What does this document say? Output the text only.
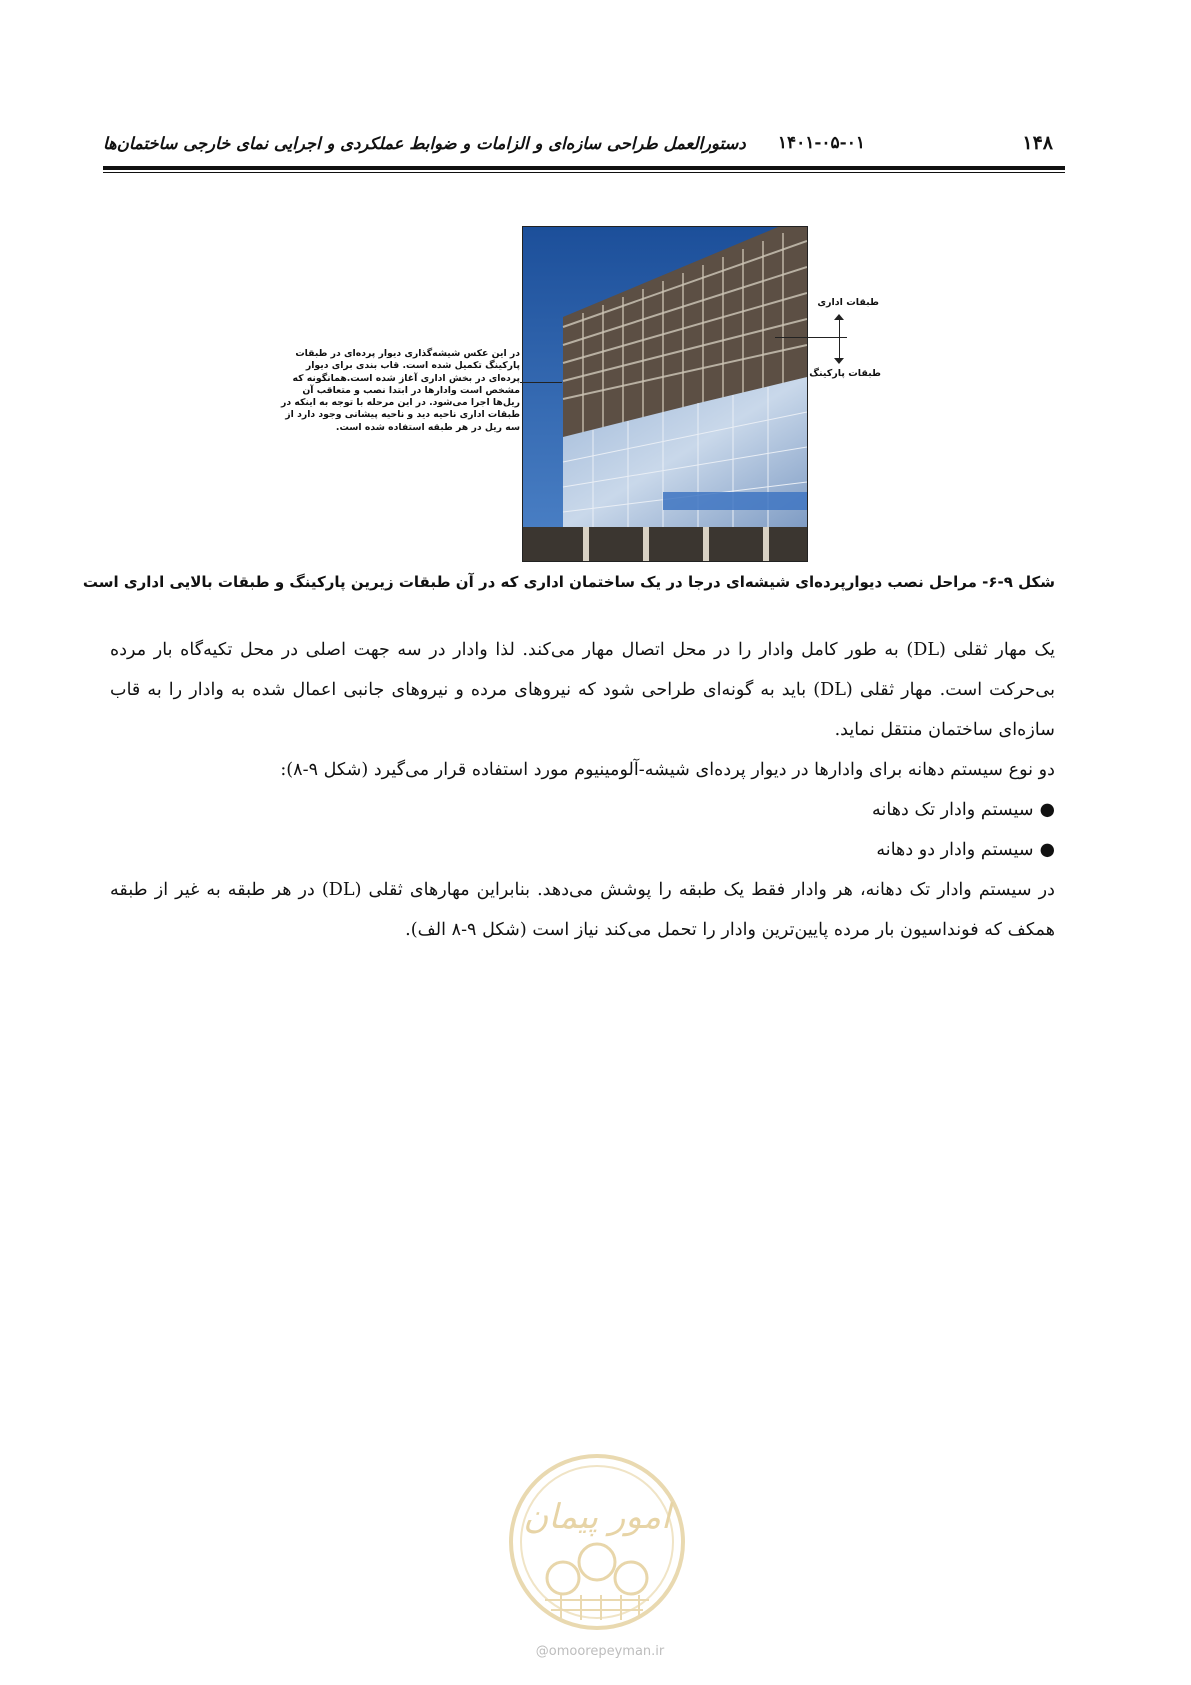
۱۴۸
۱۴۰۱-۰۵-۰۱
دستورالعمل طراحی سازه‌ای و الزامات و ضوابط عملکردی و اجرایی نمای خارجی ساختمان‌ها

در این عکس شیشه‌گذاری دیوار پرده‌ای در طبقات پارکینگ تکمیل شده است. قاب بندی برای دیوار پرده‌ای در بخش اداری آغاز شده است.همانگونه که مشخص است وادارها در ابتدا نصب و متعاقب آن ریل‌ها اجرا می‌شود. در این مرحله با توجه به اینکه در طبقات اداری ناحیه دید و ناحیه پیشانی وجود دارد از سه ریل در هر طبقه استفاده شده است.

طبقات اداری

طبقات پارکینگ

شکل ۹-۶- مراحل نصب دیوارپرده‌ای شیشه‌ای درجا در یک ساختمان اداری که در آن طبقات زیرین پارکینگ و طبقات بالایی اداری است

یک مهار ثقلی (DL) به طور کامل وادار را در محل اتصال مهار می‌کند. لذا وادار در سه جهت اصلی در محل تکیه‌گاه بار مرده بی‌حرکت است. مهار ثقلی (DL) باید به گونه‌ای طراحی شود که نیروهای مرده و نیروهای جانبی اعمال شده به وادار را به قاب سازه‌ای ساختمان منتقل نماید.

دو نوع سیستم دهانه برای وادارها در دیوار پرده‌ای شیشه-آلومینیوم مورد استفاده قرار می‌گیرد (شکل ۹-۸):

●سیستم وادار تک دهانه
●سیستم وادار دو دهانه

در سیستم وادار تک دهانه، هر وادار فقط یک طبقه را پوشش می‌دهد. بنابراین مهارهای ثقلی (DL) در هر طبقه به غیر از طبقه همکف که فونداسیون بار مرده پایین‌ترین وادار را تحمل می‌کند نیاز است (شکل ۹-۸ الف).

امور پیمان

@omoorepeyman.ir
